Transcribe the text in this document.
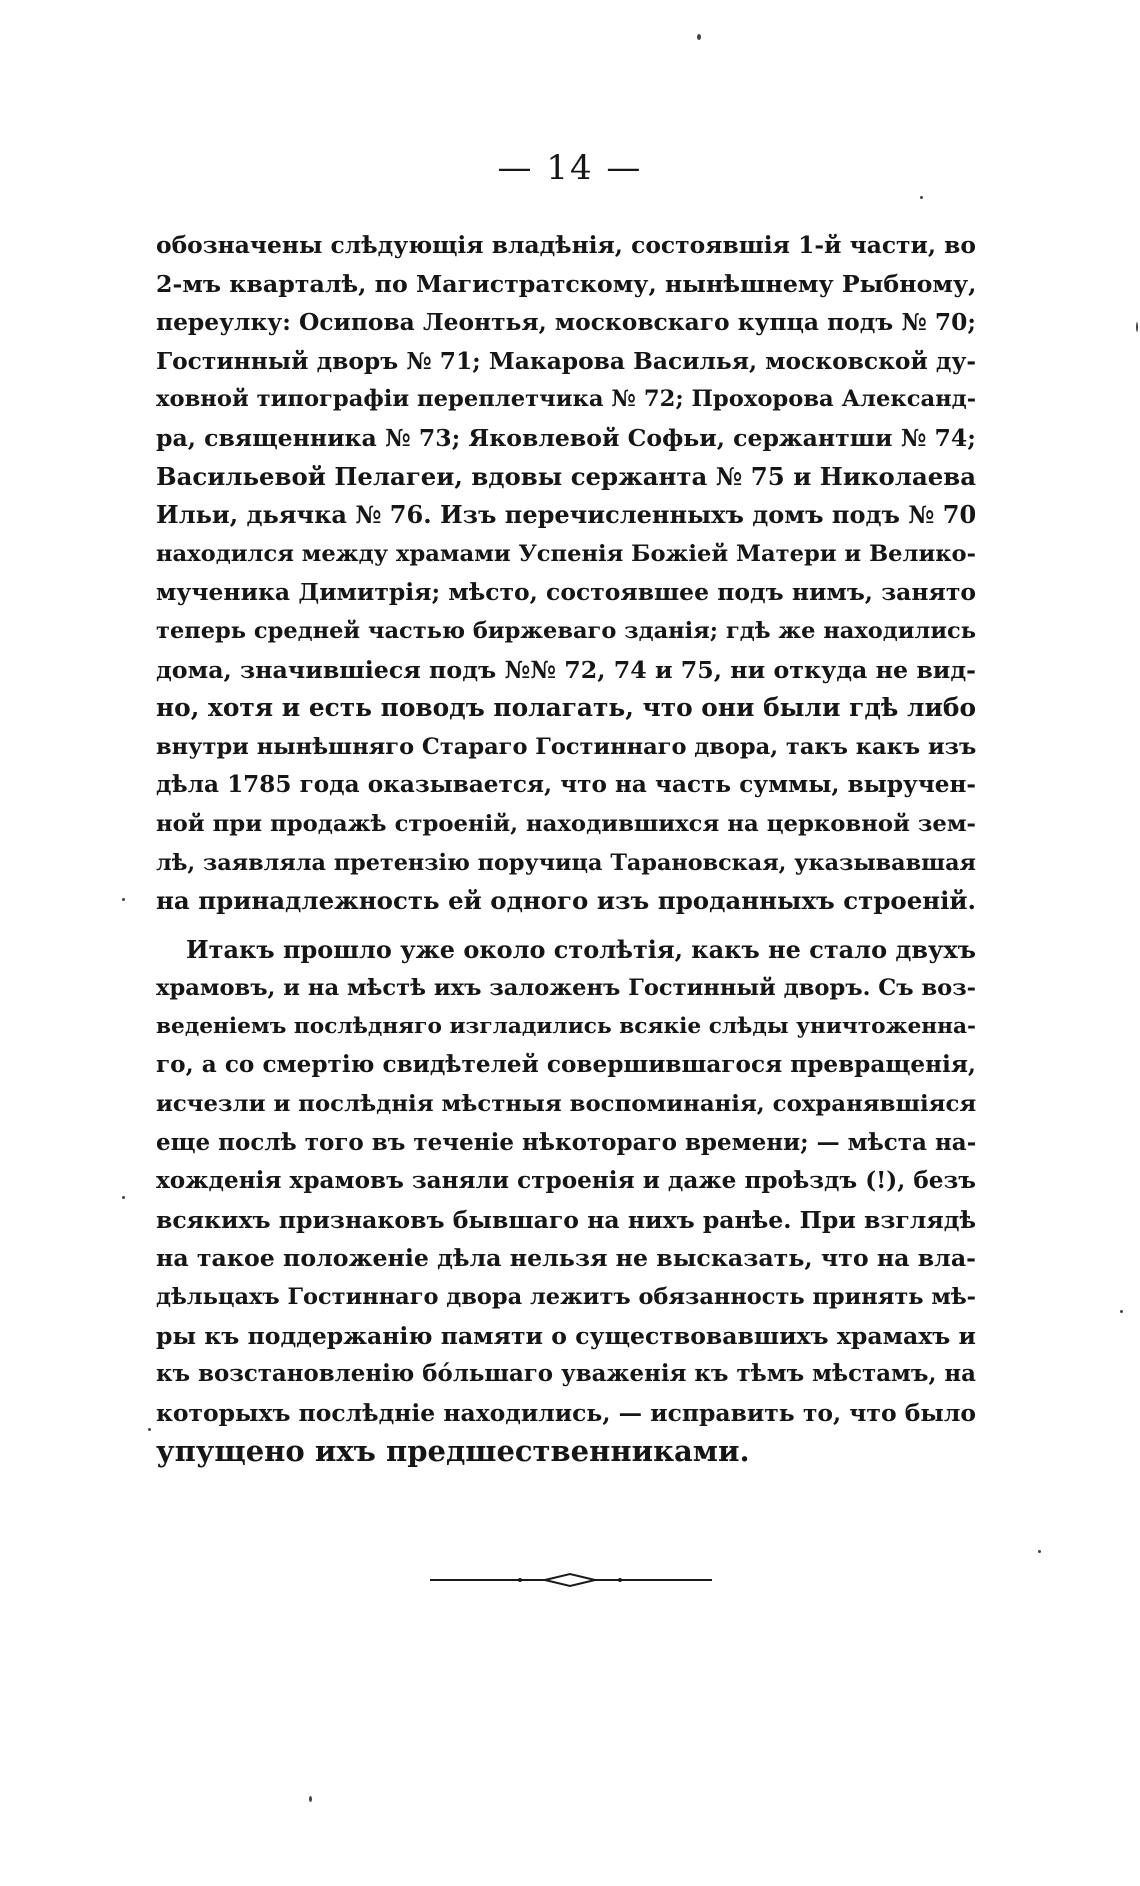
— 14 —
обозначены слѣдующія владѣнія, состоявшія 1-й части, во
2-мъ кварталѣ, по Магистратскому, нынѣшнему Рыбному,
переулку: Осипова Леонтья, московскаго купца подъ № 70;
Гостинный дворъ № 71; Макарова Василья, московской ду-
ховной типографіи переплетчика № 72; Прохорова Александ-
ра, священника № 73; Яковлевой Софьи, сержантши № 74;
Васильевой Пелагеи, вдовы сержанта № 75 и Николаева
Ильи, дьячка № 76. Изъ перечисленныхъ домъ подъ № 70
находился между храмами Успенія Божіей Матери и Велико-
мученика Димитрія; мѣсто, состоявшее подъ нимъ, занято
теперь средней частью биржеваго зданія; гдѣ же находились
дома, значившіеся подъ №№ 72, 74 и 75, ни откуда не вид-
но, хотя и есть поводъ полагать, что они были гдѣ либо
внутри нынѣшняго Стараго Гостиннаго двора, такъ какъ изъ
дѣла 1785 года оказывается, что на часть суммы, выручен-
ной при продажѣ строеній, находившихся на церковной зем-
лѣ, заявляла претензію поручица Тарановская, указывавшая
на принадлежность ей одного изъ проданныхъ строеній.
Итакъ прошло уже около столѣтія, какъ не стало двухъ
храмовъ, и на мѣстѣ ихъ заложенъ Гостинный дворъ. Съ воз-
веденіемъ послѣдняго изгладились всякіе слѣды уничтоженна-
го, а со смертію свидѣтелей совершившагося превращенія,
исчезли и послѣднія мѣстныя воспоминанія, сохранявшіяся
еще послѣ того въ теченіе нѣкотораго времени; — мѣста на-
хожденія храмовъ заняли строенія и даже проѣздъ (!), безъ
всякихъ признаковъ бывшаго на нихъ ранѣе. При взглядѣ
на такое положеніе дѣла нельзя не высказать, что на вла-
дѣльцахъ Гостиннаго двора лежитъ обязанность принять мѣ-
ры къ поддержанію памяти о существовавшихъ храмахъ и
къ возстановленію бóльшаго уваженія къ тѣмъ мѣстамъ, на
которыхъ послѣдніе находились, — исправить то, что было
упущено ихъ предшественниками.
